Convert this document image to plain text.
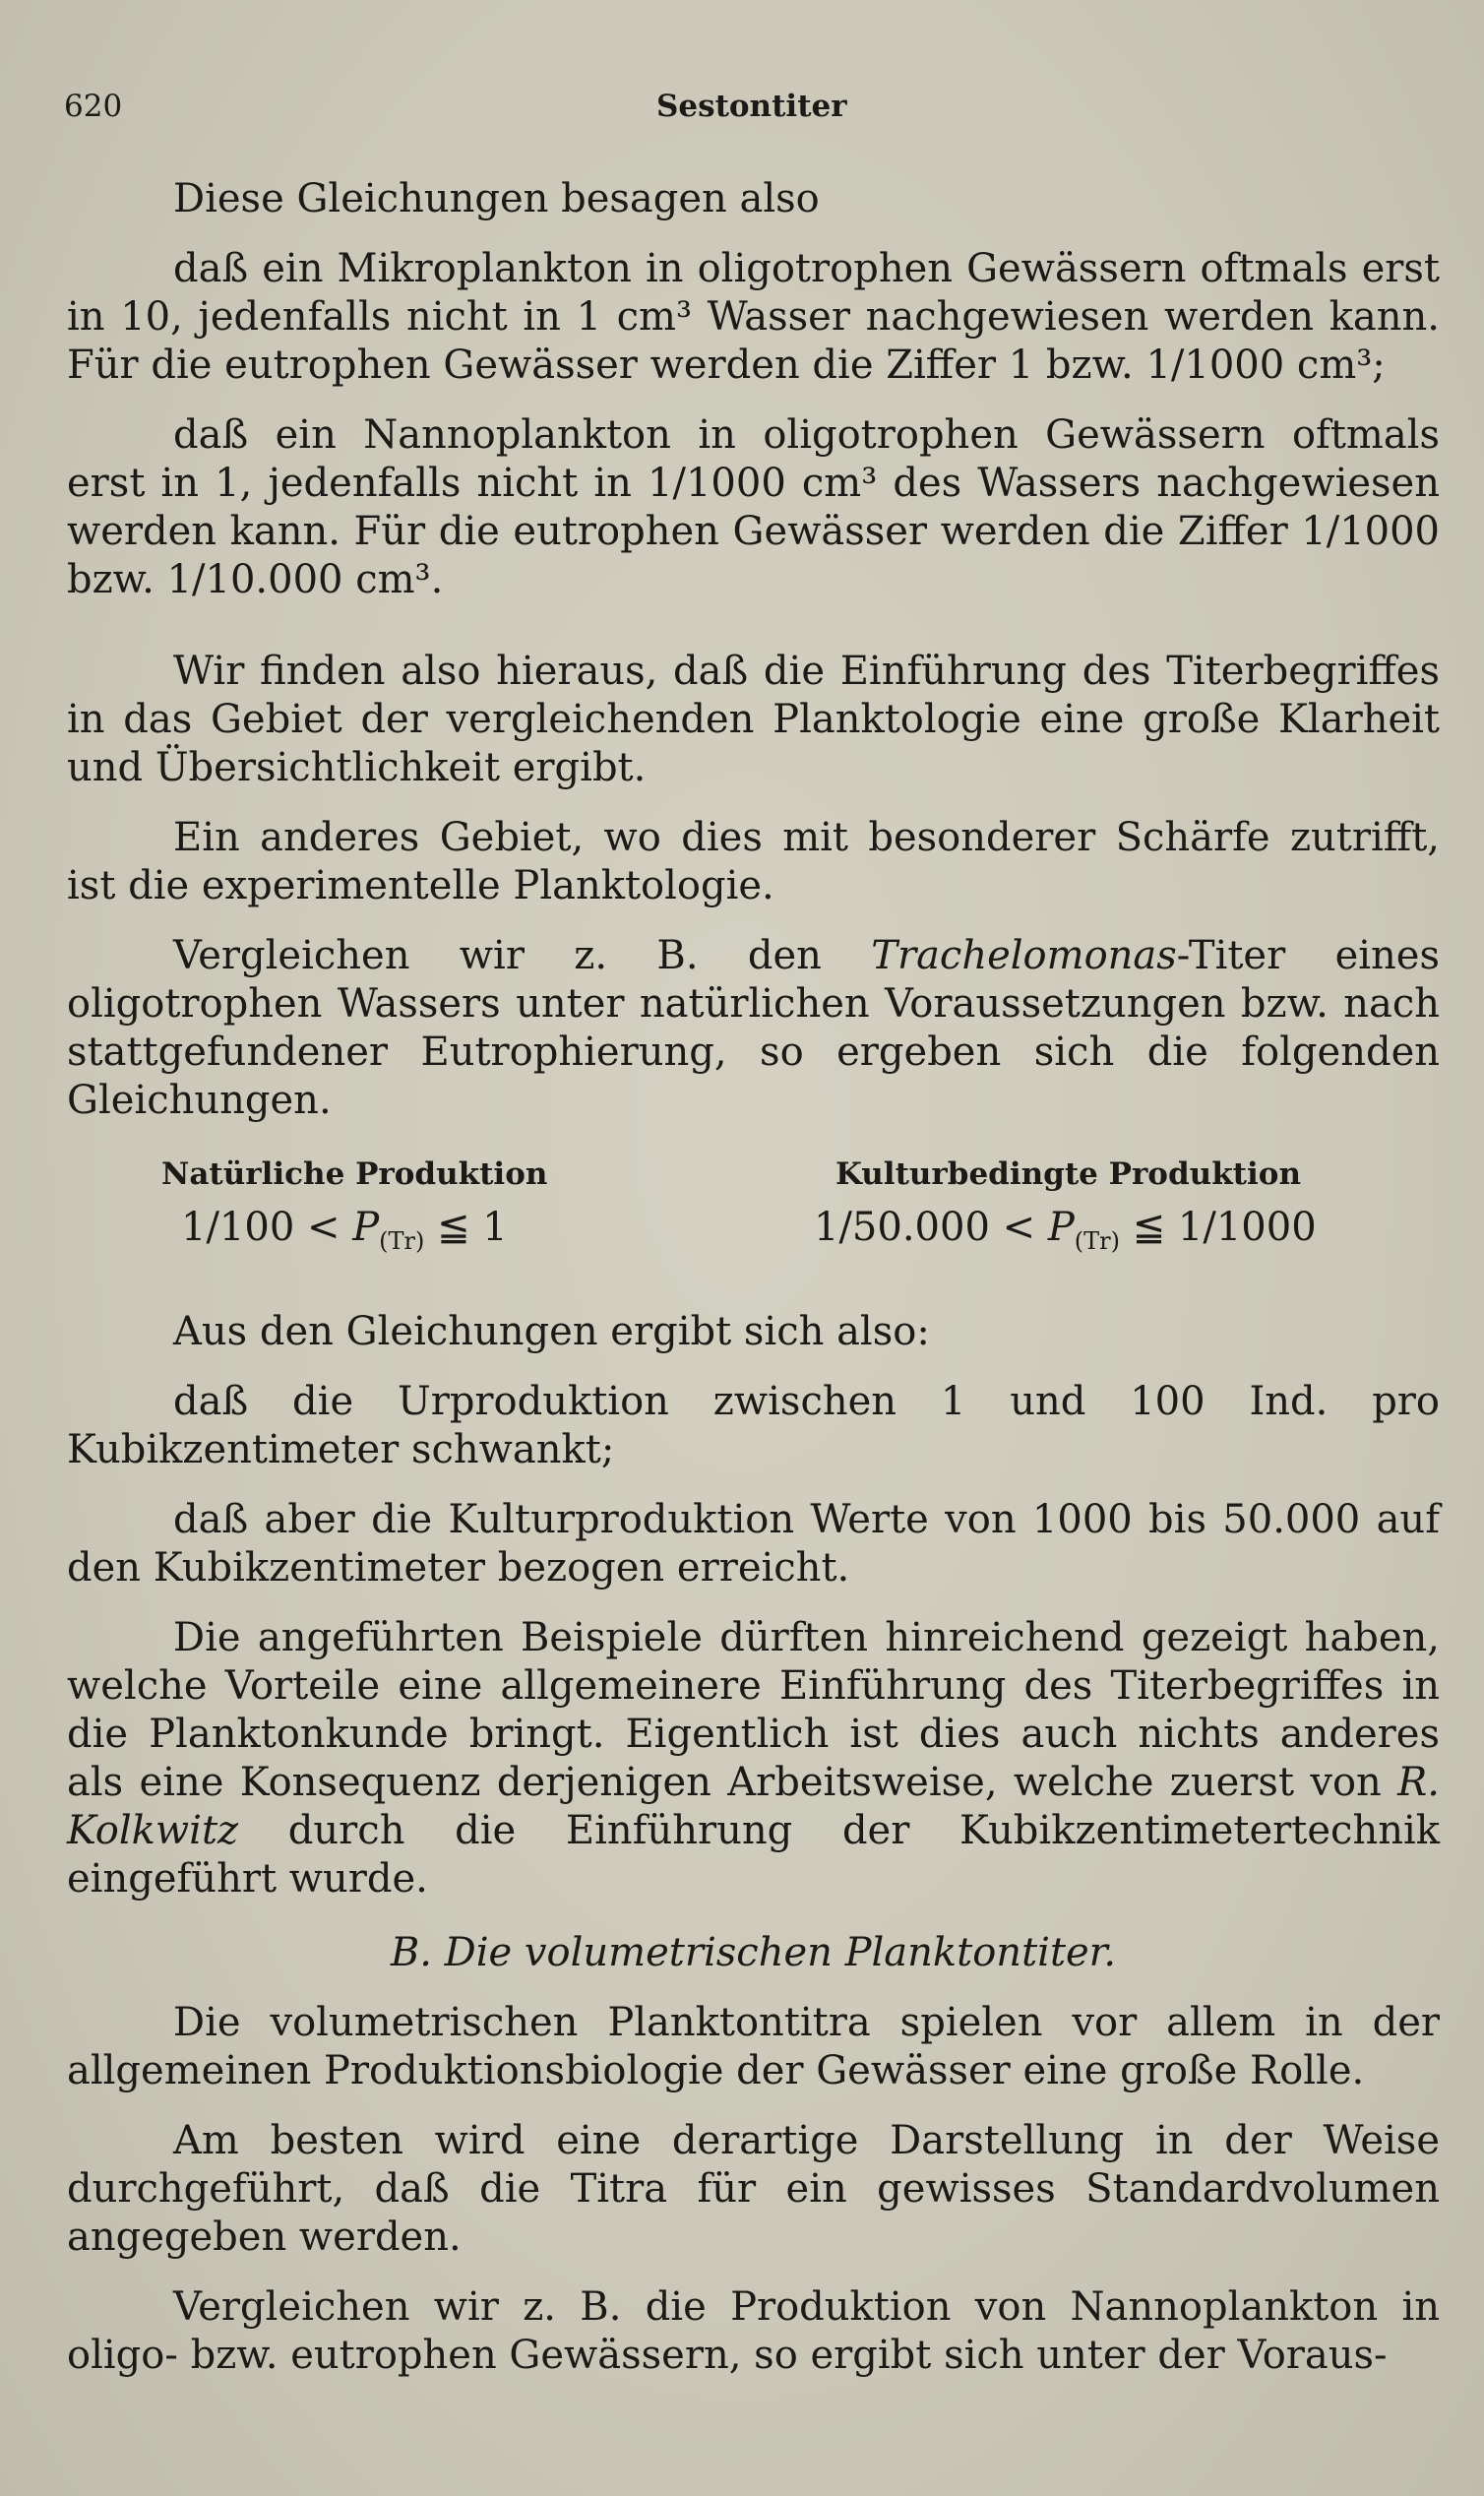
620	Sestontiter

Diese Gleichungen besagen also

daß ein Mikroplankton in oligotrophen Gewässern oftmals erst in 10, jedenfalls nicht in 1 cm³ Wasser nachgewiesen werden kann. Für die eutrophen Gewässer werden die Ziffer 1 bzw. 1/1000 cm³;

daß ein Nannoplankton in oligotrophen Gewässern oftmals erst in 1, jedenfalls nicht in 1/1000 cm³ des Wassers nachgewiesen werden kann. Für die eutrophen Gewässer werden die Ziffer 1/1000 bzw. 1/10.000 cm³.

Wir finden also hieraus, daß die Einführung des Titerbegriffes in das Gebiet der vergleichenden Planktologie eine große Klarheit und Übersichtlichkeit ergibt.

Ein anderes Gebiet, wo dies mit besonderer Schärfe zutrifft, ist die experimentelle Planktologie.

Vergleichen wir z. B. den Trachelomonas-Titer eines oligotrophen Wassers unter natürlichen Voraussetzungen bzw. nach stattgefundener Eutrophierung, so ergeben sich die folgenden Gleichungen.

Natürliche Produktion
$1/100 < P_{(Tr)}$ ≦ 1
Kulturbedingte Produktion
$1/50.000 < P_{(Tr)}$ ≦ 1/1000

Aus den Gleichungen ergibt sich also:

daß die Urproduktion zwischen 1 und 100 Ind. pro Kubikzentimeter schwankt;

daß aber die Kulturproduktion Werte von 1000 bis 50.000 auf den Kubikzentimeter bezogen erreicht.

Die angeführten Beispiele dürften hinreichend gezeigt haben, welche Vorteile eine allgemeinere Einführung des Titerbegriffes in die Planktonkunde bringt. Eigentlich ist dies auch nichts anderes als eine Konsequenz derjenigen Arbeitsweise, welche zuerst von R. Kolkwitz durch die Einführung der Kubikzentimetertechnik eingeführt wurde.

B. Die volumetrischen Planktontiter.

Die volumetrischen Planktontitra spielen vor allem in der allgemeinen Produktionsbiologie der Gewässer eine große Rolle.

Am besten wird eine derartige Darstellung in der Weise durchgeführt, daß die Titra für ein gewisses Standardvolumen angegeben werden.

Vergleichen wir z. B. die Produktion von Nannoplankton in oligo- bzw. eutrophen Gewässern, so ergibt sich unter der Voraus-
